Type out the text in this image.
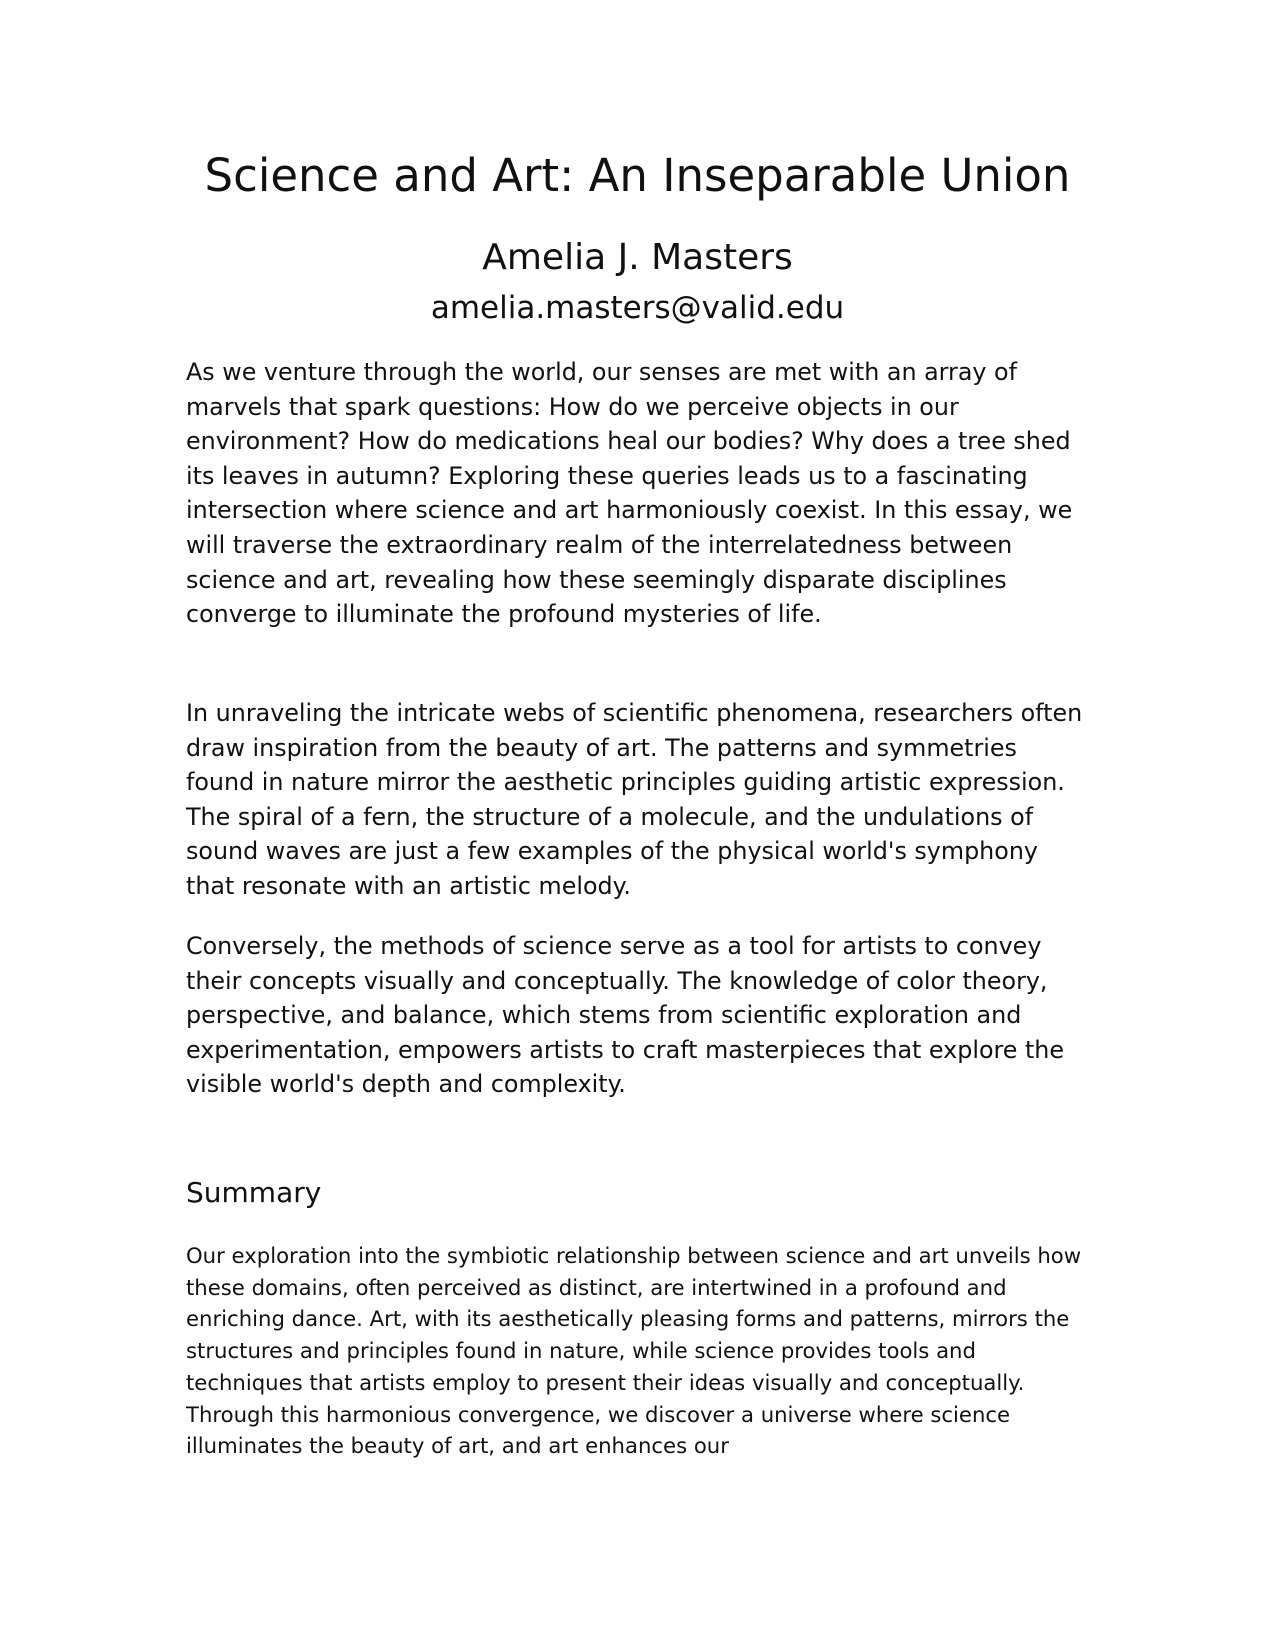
Science and Art: An Inseparable Union
Amelia J. Masters
amelia.masters@valid.edu

As we venture through the world, our senses are met with an array of marvels that spark questions: How do we perceive objects in our environment? How do medications heal our bodies? Why does a tree shed its leaves in autumn? Exploring these queries leads us to a fascinating intersection where science and art harmoniously coexist. In this essay, we will traverse the extraordinary realm of the interrelatedness between science and art, revealing how these seemingly disparate disciplines converge to illuminate the profound mysteries of life.

In unraveling the intricate webs of scientific phenomena, researchers often draw inspiration from the beauty of art. The patterns and symmetries found in nature mirror the aesthetic principles guiding artistic expression. The spiral of a fern, the structure of a molecule, and the undulations of sound waves are just a few examples of the physical world's symphony that resonate with an artistic melody.

Conversely, the methods of science serve as a tool for artists to convey their concepts visually and conceptually. The knowledge of color theory, perspective, and balance, which stems from scientific exploration and experimentation, empowers artists to craft masterpieces that explore the visible world's depth and complexity.

Summary

Our exploration into the symbiotic relationship between science and art unveils how these domains, often perceived as distinct, are intertwined in a profound and enriching dance. Art, with its aesthetically pleasing forms and patterns, mirrors the structures and principles found in nature, while science provides tools and techniques that artists employ to present their ideas visually and conceptually. Through this harmonious convergence, we discover a universe where science illuminates the beauty of art, and art enhances our
